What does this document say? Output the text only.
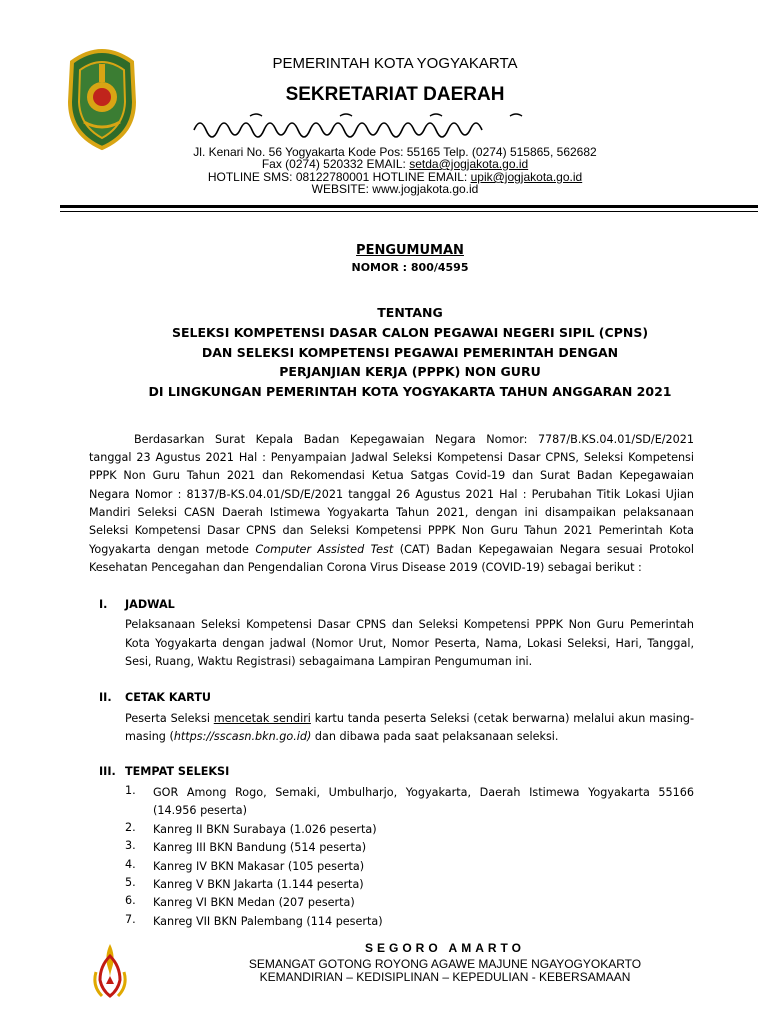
PEMERINTAH KOTA YOGYAKARTA
SEKRETARIAT DAERAH
Jl. Kenari No. 56 Yogyakarta Kode Pos: 55165 Telp. (0274) 515865, 562682
Fax (0274) 520332 EMAIL: setda@jogjakota.go.id
HOTLINE SMS: 08122780001 HOTLINE EMAIL: upik@jogjakota.go.id
WEBSITE: www.jogjakota.go.id
PENGUMUMAN
NOMOR : 800/4595
TENTANG
SELEKSI KOMPETENSI DASAR CALON PEGAWAI NEGERI SIPIL (CPNS)
DAN SELEKSI KOMPETENSI PEGAWAI PEMERINTAH DENGAN
PERJANJIAN KERJA (PPPK) NON GURU
DI LINGKUNGAN PEMERINTAH KOTA YOGYAKARTA TAHUN ANGGARAN 2021
Berdasarkan Surat Kepala Badan Kepegawaian Negara Nomor: 7787/B.KS.04.01/SD/E/2021
tanggal 23 Agustus 2021 Hal : Penyampaian Jadwal Seleksi Kompetensi Dasar CPNS, Seleksi Kompetensi
PPPK Non Guru Tahun 2021 dan Rekomendasi Ketua Satgas Covid-19 dan Surat Badan Kepegawaian
Negara Nomor : 8137/B-KS.04.01/SD/E/2021 tanggal 26 Agustus 2021 Hal : Perubahan Titik Lokasi Ujian
Mandiri Seleksi CASN Daerah Istimewa Yogyakarta Tahun 2021, dengan ini disampaikan pelaksanaan
Seleksi Kompetensi Dasar CPNS dan Seleksi Kompetensi PPPK Non Guru Tahun 2021 Pemerintah Kota
Yogyakarta dengan metode Computer Assisted Test (CAT) Badan Kepegawaian Negara sesuai Protokol
Kesehatan Pencegahan dan Pengendalian Corona Virus Disease 2019 (COVID-19) sebagai berikut :
I. JADWAL
Pelaksanaan Seleksi Kompetensi Dasar CPNS dan Seleksi Kompetensi PPPK Non Guru Pemerintah
Kota Yogyakarta dengan jadwal (Nomor Urut, Nomor Peserta, Nama, Lokasi Seleksi, Hari, Tanggal,
Sesi, Ruang, Waktu Registrasi) sebagaimana Lampiran Pengumuman ini.
II. CETAK KARTU
Peserta Seleksi mencetak sendiri kartu tanda peserta Seleksi (cetak berwarna) melalui akun masing-
masing (https://sscasn.bkn.go.id) dan dibawa pada saat pelaksanaan seleksi.
III. TEMPAT SELEKSI
1.	GOR Among Rogo, Semaki, Umbulharjo, Yogyakarta, Daerah Istimewa Yogyakarta 55166
(14.956 peserta)
2.	Kanreg II BKN Surabaya (1.026 peserta)
3.	Kanreg III BKN Bandung (514 peserta)
4.	Kanreg IV BKN Makasar (105 peserta)
5.	Kanreg V BKN Jakarta (1.144 peserta)
6.	Kanreg VI BKN Medan (207 peserta)
7.	Kanreg VII BKN Palembang (114 peserta)
SEGORO AMARTO
SEMANGAT GOTONG ROYONG AGAWE MAJUNE NGAYOGYOKARTO
KEMANDIRIAN – KEDISIPLINAN – KEPEDULIAN - KEBERSAMAAN
